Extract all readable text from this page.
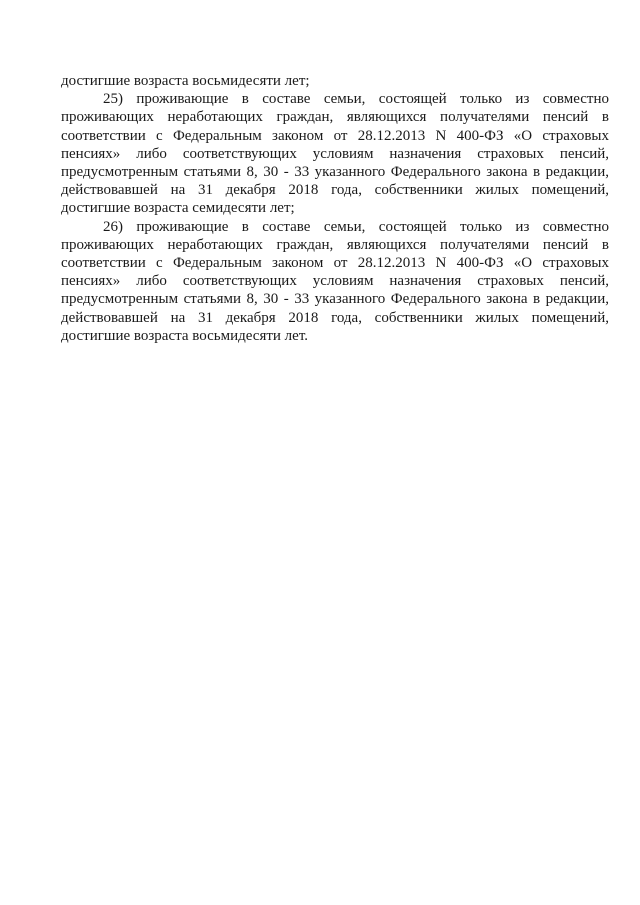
достигшие возраста восьмидесяти лет;

25) проживающие в составе семьи, состоящей только из совместно проживающих неработающих граждан, являющихся получателями пенсий в соответствии с Федеральным законом от 28.12.2013 N 400-ФЗ «О страховых пенсиях» либо соответствующих условиям назначения страховых пенсий, предусмотренным статьями 8, 30 - 33 указанного Федерального закона в редакции, действовавшей на 31 декабря 2018 года, собственники жилых помещений, достигшие возраста семидесяти лет;

26) проживающие в составе семьи, состоящей только из совместно проживающих неработающих граждан, являющихся получателями пенсий в соответствии с Федеральным законом от 28.12.2013 N 400-ФЗ «О страховых пенсиях» либо соответствующих условиям назначения страховых пенсий, предусмотренным статьями 8, 30 - 33 указанного Федерального закона в редакции, действовавшей на 31 декабря 2018 года, собственники жилых помещений, достигшие возраста восьмидесяти лет.
